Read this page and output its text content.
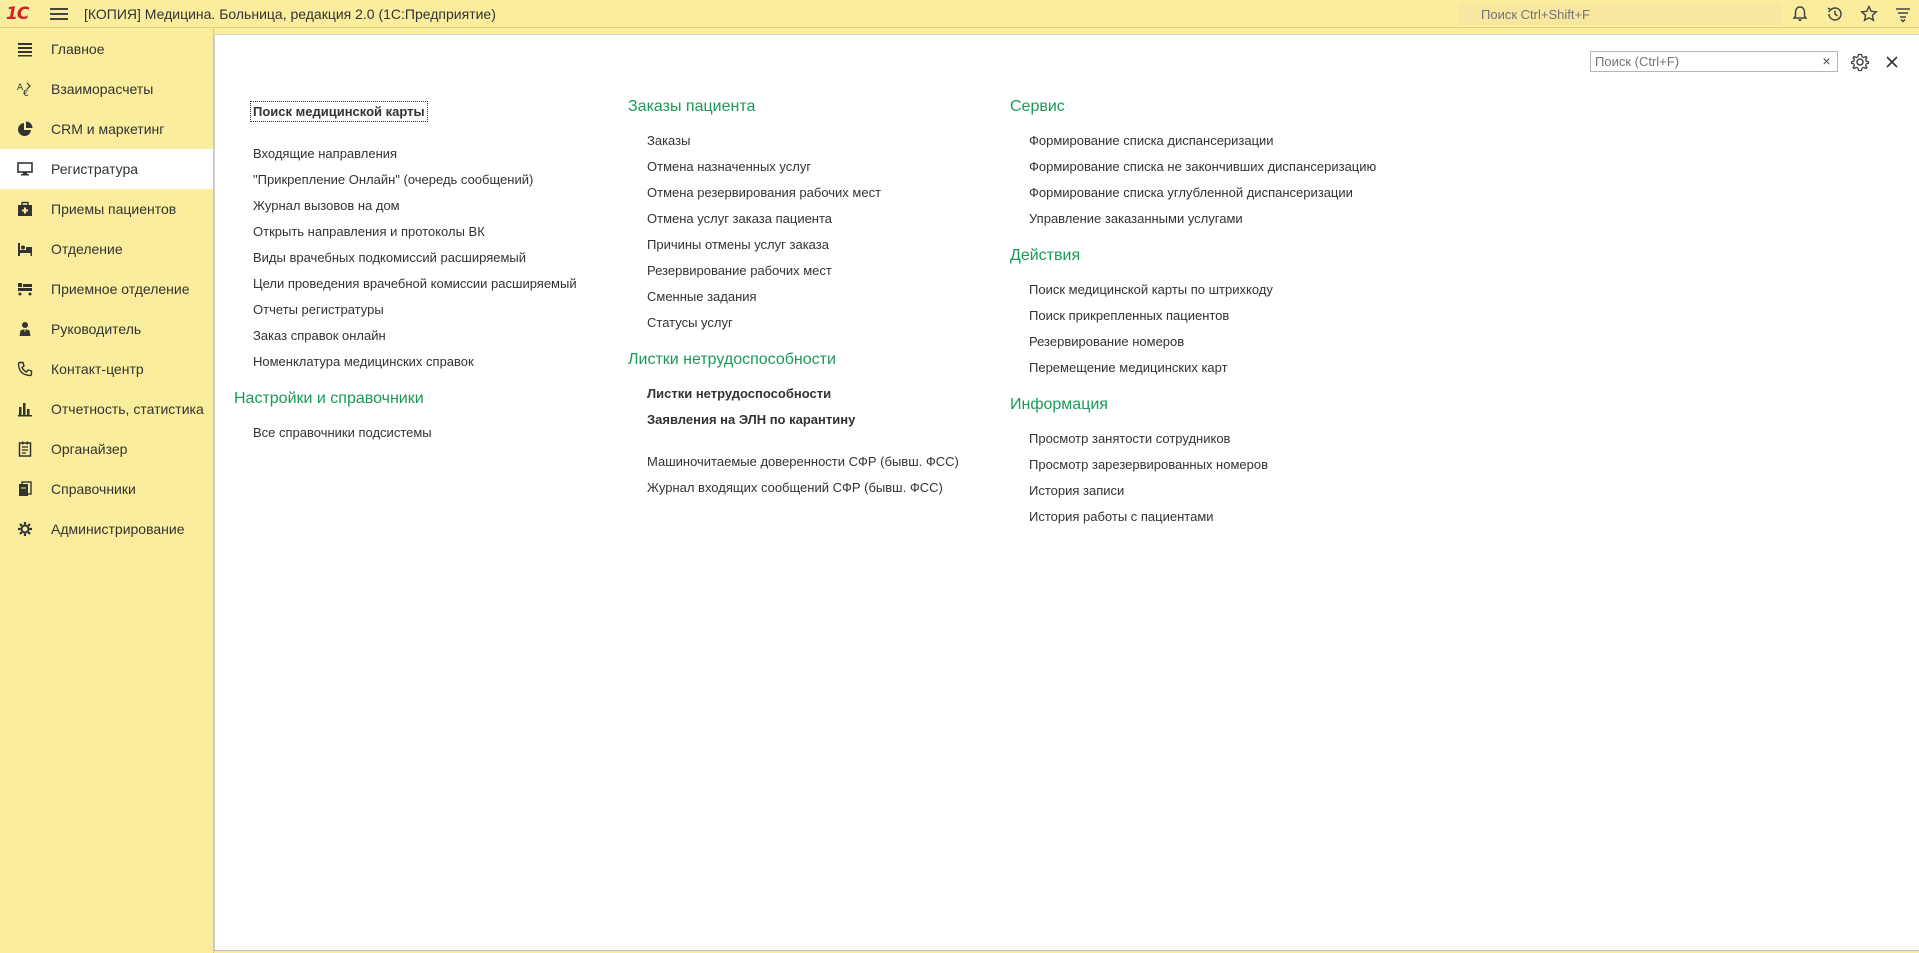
1С	[КОПИЯ] Медицина. Больница, редакция 2.0 (1С:Предприятие)
Поиск Ctrl+Shift+F
Главное
A
€ Взаиморасчеты
CRM и маркетинг
Регистратура
Приемы пациентов
Отделение
Приемное отделение
Руководитель
Контакт-центр
Отчетность, статистика
Органайзер
Справочники
Администрирование
Поиск (Ctrl+F)
×
Поиск медицинской карты
Входящие направления
"Прикрепление Онлайн" (очередь сообщений)
Журнал вызовов на дом
Открыть направления и протоколы ВК
Виды врачебных подкомиссий расширяемый
Цели проведения врачебной комиссии расширяемый
Отчеты регистратуры
Заказ справок онлайн
Номенклатура медицинских справок
Настройки и справочники
Все справочники подсистемы
Заказы пациента
Заказы
Отмена назначенных услуг
Отмена резервирования рабочих мест
Отмена услуг заказа пациента
Причины отмены услуг заказа
Резервирование рабочих мест
Сменные задания
Статусы услуг
Листки нетрудоспособности
Листки нетрудоспособности
Заявления на ЭЛН по карантину
Машиночитаемые доверенности СФР (бывш. ФСС)
Журнал входящих сообщений СФР (бывш. ФСС)
Сервис
Формирование списка диспансеризации
Формирование списка не закончивших диспансеризацию
Формирование списка углубленной диспансеризации
Управление заказанными услугами
Действия
Поиск медицинской карты по штрихкоду
Поиск прикрепленных пациентов
Резервирование номеров
Перемещение медицинских карт
Информация
Просмотр занятости сотрудников
Просмотр зарезервированных номеров
История записи
История работы с пациентами
